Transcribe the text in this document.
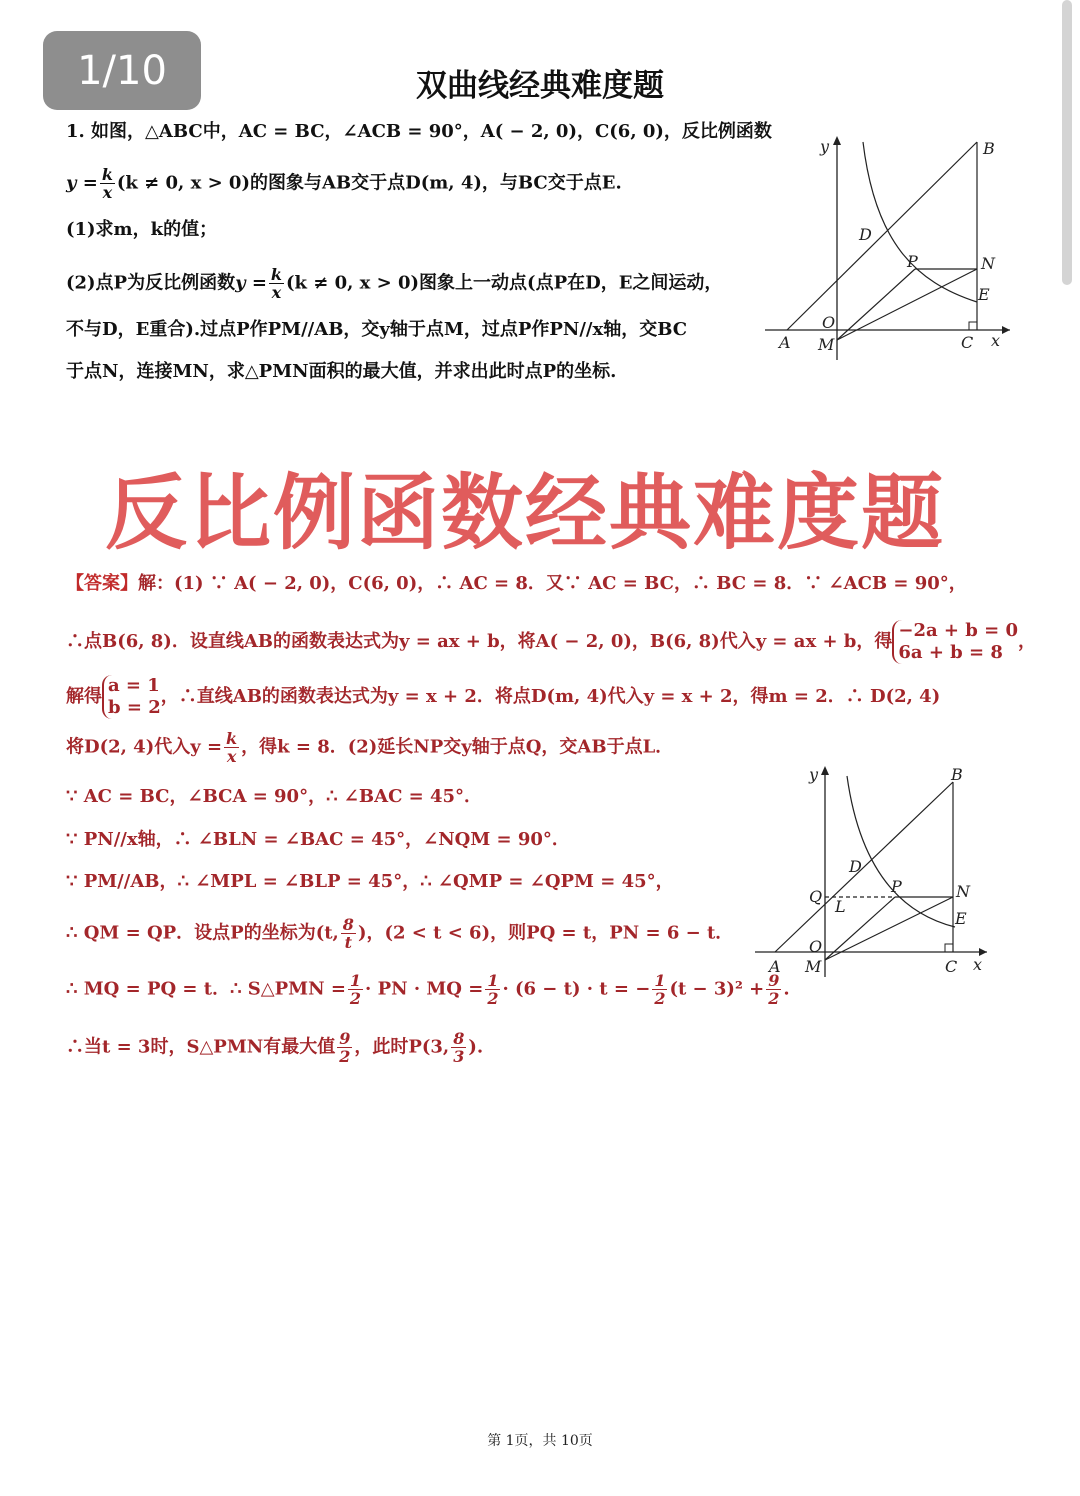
1/10	双曲线经典难度题
1. 如图，△ABC中，AC = BC，∠ACB = 90°，A( − 2, 0)，C(6, 0)，反比例函数
$y = \frac{k}{x} (k \ne 0$, x > 0)的图象与AB交于点D(m, 4)，与BC交于点E.
(1)求m，k的值；
(2)点P为反比例函数$y = \frac{k}{x} (k \ne 0$, x > 0)图象上一动点(点P在D，E之间运动，
不与D，E重合).过点P作PM//AB，交y轴于点M，过点P作PN//x轴，交BC
于点N，连接MN，求△PMN面积的最大值，并求出此时点P的坐标.
y	B
D
P	N
E
O
A M	C x
反比例函数经典难度题
【答案】解：(1) ∵ A( − 2, 0)，C(6, 0)，∴ AC = 8．又∵ AC = BC，∴ BC = 8．∵ ∠ACB = 90°，
∴点B(6, 8)．设直线AB的函数表达式为y = ax + b，将A( − 2, 0)，B(6, 8)代入y = ax + b，得
−2a + b = 0
6a + b = 8
，
解得
a = 1
b = 2
，∴直线AB的函数表达式为y = x + 2．将点D(m, 4)代入y = x + 2，得m = 2．∴ D(2, 4)
将D(2, 4)代入$y = \frac{k}{x}$ ，得k = 8．(2)延长NP交y轴于点Q，交AB于点L．
∵ AC = BC，∠BCA = 90°，∴ ∠BAC = 45°．
∵ PN//x轴，∴ ∠BLN = ∠BAC = 45°，∠NQM = 90°．
∵ PM//AB，∴ ∠MPL = ∠BLP = 45°，∴ ∠QMP = ∠QPM = 45°，
∴ QM = QP．设点P的坐标为(t, $\frac{8}{t}$ )，(2 < t < 6)，则PQ = t，PN = 6 − t．
∴ MQ = PQ = t．∴ S△PMN = $\frac{1}{2}$ · PN · MQ = $\frac{1}{2} \cdot (6 - t) \cdot t$ = − $\frac{1}{2} (t - 3)^2 + \frac{9}{2}$ .
∴当t = 3时，S△PMN有最大值 $\frac{9}{2}$ ，此时P(3, $\frac{8}{3}$ ).
y	B
D
Q
L
P	N
E
O
A M	C x
第 1页，共 10页
